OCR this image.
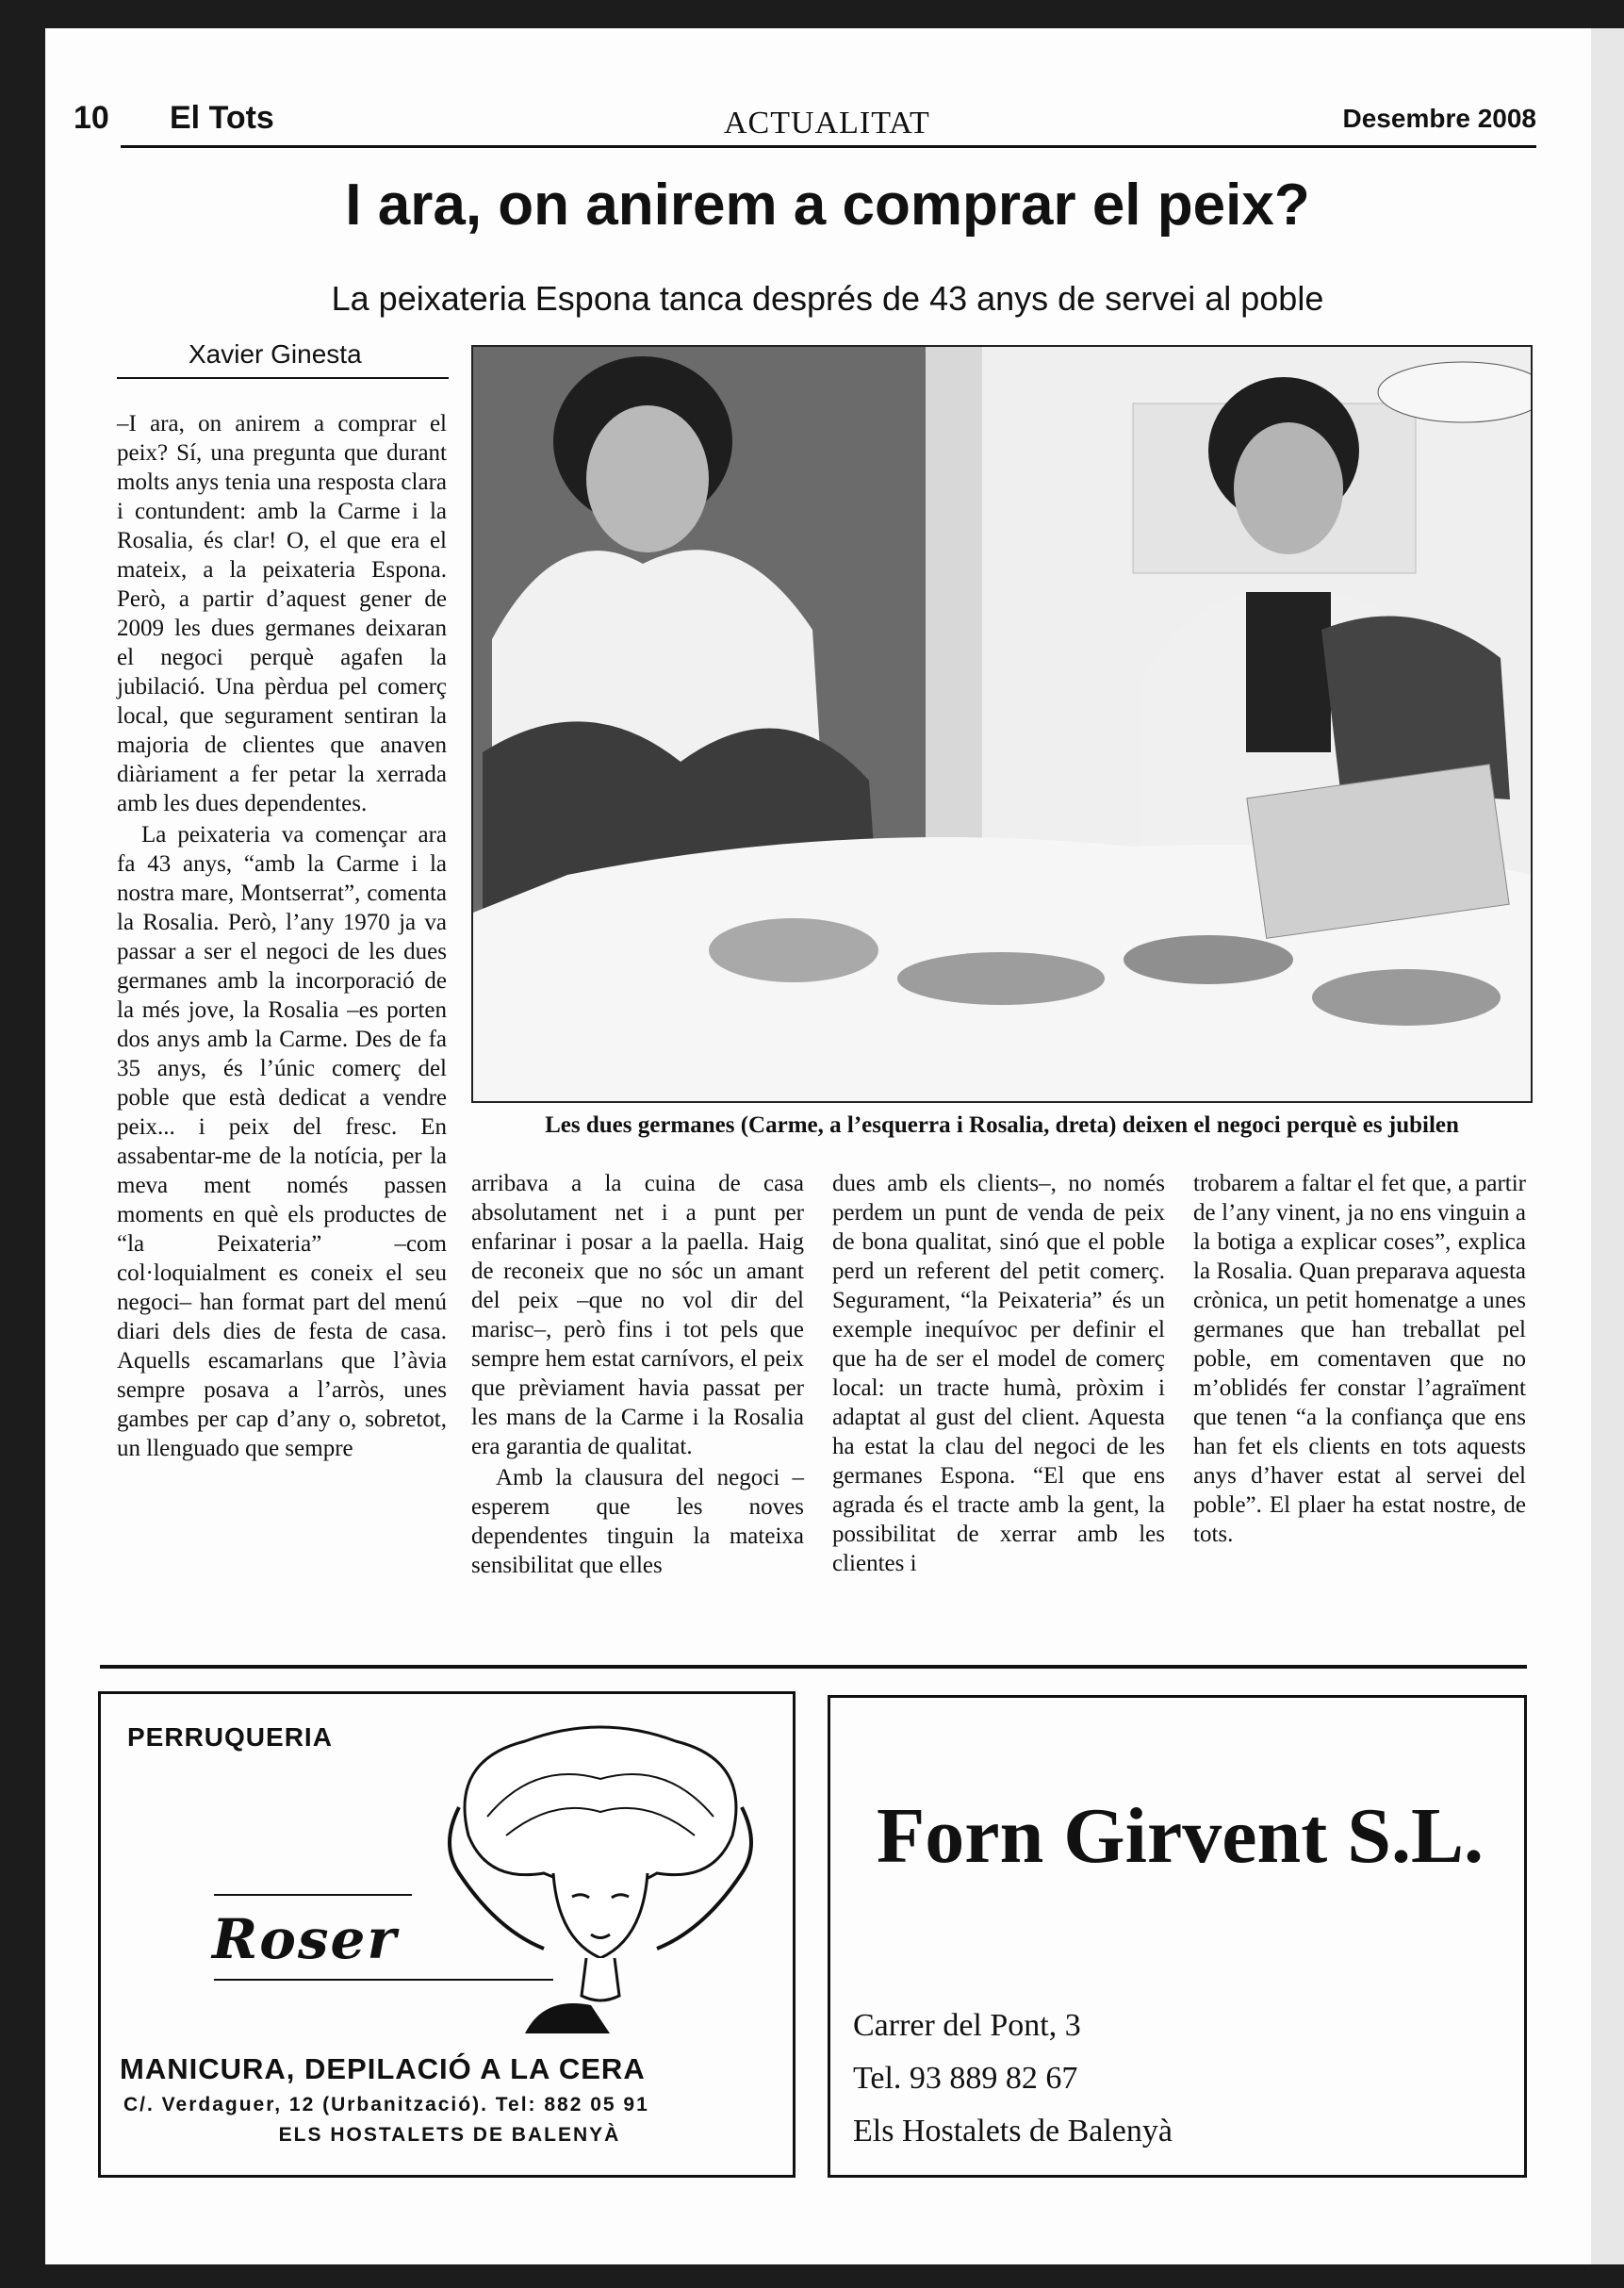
10 El Tots	ACTUALITAT	Desembre 2008
I ara, on anirem a comprar el peix?
La peixateria Espona tanca després de 43 anys de servei al poble
Xavier Ginesta

–I ara, on anirem a comprar el peix? Sí, una pregunta que durant molts anys tenia una resposta clara i contundent: amb la Carme i la Rosalia, és clar! O, el que era el mateix, a la peixateria Espona. Però, a partir d’aquest gener de 2009 les dues germanes deixaran el negoci perquè agafen la jubilació. Una pèrdua pel comerç local, que segurament sentiran la majoria de clientes que anaven diàriament a fer petar la xerrada amb les dues dependentes.

La peixateria va començar ara fa 43 anys, “amb la Carme i la nostra mare, Montserrat”, comenta la Rosalia. Però, l’any 1970 ja va passar a ser el negoci de les dues germanes amb la incorporació de la més jove, la Rosalia –es porten dos anys amb la Carme. Des de fa 35 anys, és l’únic comerç del poble que està dedicat a vendre peix... i peix del fresc. En assabentar-me de la notícia, per la meva ment només passen moments en què els productes de “la Peixateria” –com col·loquialment es coneix el seu negoci– han format part del menú diari dels dies de festa de casa. Aquells escamarlans que l’àvia sempre posava a l’arròs, unes gambes per cap d’any o, sobretot, un llenguado que sempre

Les dues germanes (Carme, a l’esquerra i Rosalia, dreta) deixen el negoci perquè es jubilen

arribava a la cuina de casa absolutament net i a punt per enfarinar i posar a la paella. Haig de reconeix que no sóc un amant del peix –que no vol dir del marisc–, però fins i tot pels que sempre hem estat carnívors, el peix que prèviament havia passat per les mans de la Carme i la Rosalia era garantia de qualitat.

Amb la clausura del negoci –esperem que les noves dependentes tinguin la mateixa sensibilitat que elles

dues amb els clients–, no només perdem un punt de venda de peix de bona qualitat, sinó que el poble perd un referent del petit comerç. Segurament, “la Peixateria” és un exemple inequívoc per definir el que ha de ser el model de comerç local: un tracte humà, pròxim i adaptat al gust del client. Aquesta ha estat la clau del negoci de les germanes Espona. “El que ens agrada és el tracte amb la gent, la possibilitat de xerrar amb les clientes i

trobarem a faltar el fet que, a partir de l’any vinent, ja no ens vinguin a la botiga a explicar coses”, explica la Rosalia. Quan preparava aquesta crònica, un petit homenatge a unes germanes que han treballat pel poble, em comentaven que no m’oblidés fer constar l’agraïment que tenen “a la confiança que ens han fet els clients en tots aquests anys d’haver estat al servei del poble”. El plaer ha estat nostre, de tots.

PERRUQUERIA
Roser
MANICURA, DEPILACIÓ A LA CERA
C/. Verdaguer, 12 (Urbanització). Tel: 882 05 91
ELS HOSTALETS DE BALENYÀ
Forn Girvent S.L.
Carrer del Pont, 3
Tel. 93 889 82 67
Els Hostalets de Balenyà
